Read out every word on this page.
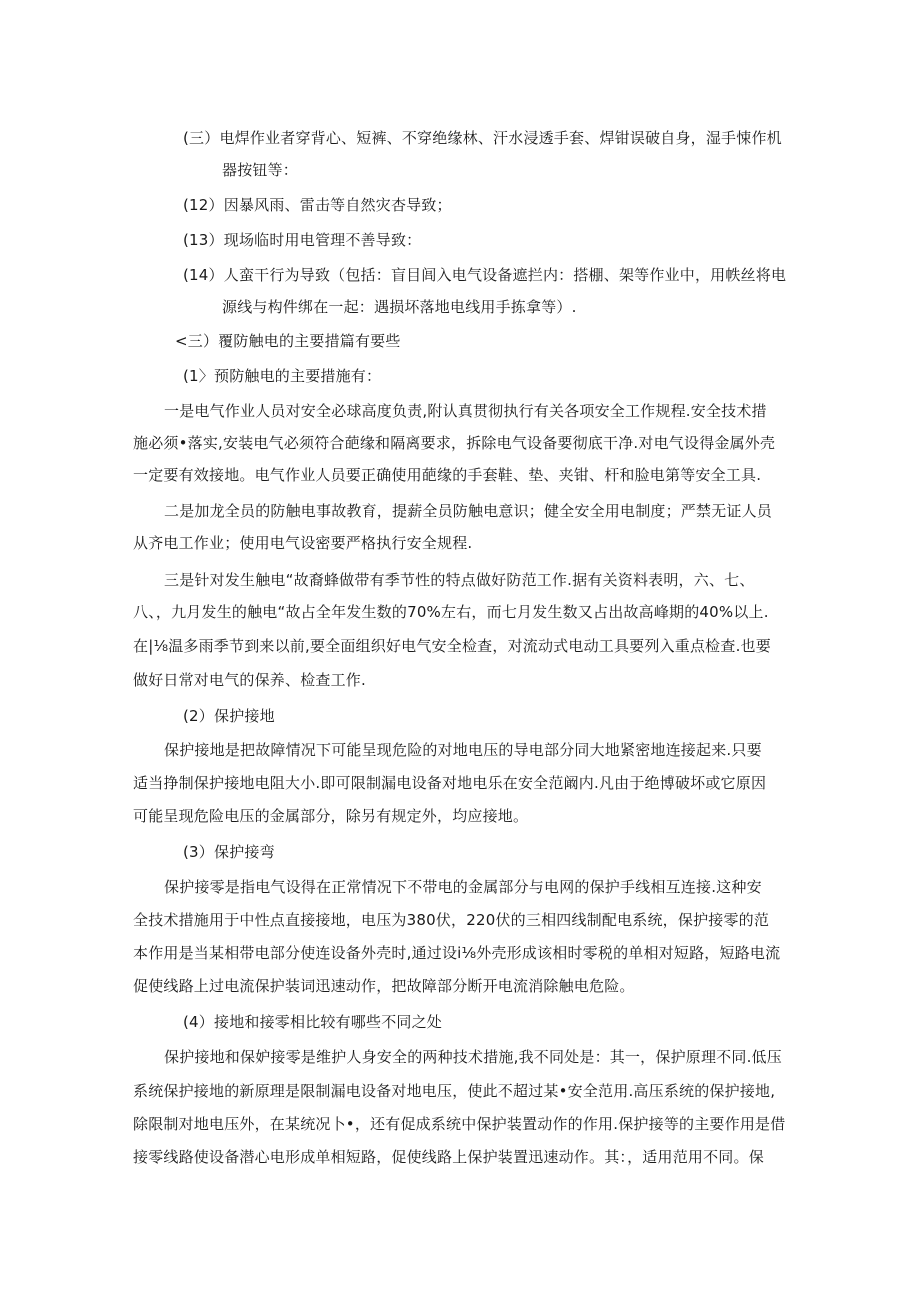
(三）电焊作业者穿背心、短裤、不穿绝缘林、汗水浸透手套、焊钳误破自身，湿手悚作机
器按钮等：
(12）因暴风雨、雷击等自然灾杏导致；
(13）现场临时用电管理不善导致：
(14）人蛮干行为导致（包括：盲目闾入电气设备遮拦内：搭棚、架等作业中，用帙丝将电
源线与构件绑在一起：遇损坏落地电线用手拣拿等）.
<三）覆防触电的主要措篇有要些
(1〉预防触电的主要措施有：
一是电气作业人员对安全必球高度负责,附认真贯彻执行有关各项安全工作规程.安全技术措
施必须•落实,安装电气必须符合葩缘和隔离要求，拆除电气设备要彻底干净.对电气设得金属外壳
一定要有效接地。电气作业人员要正确使用葩缘的手套鞋、垫、夹钳、杆和脸电第等安全工具.
二是加龙全员的防触电事故教育，提薪全员防触电意识；健全安全用电制度；严禁无证人员
从齐电工作业；使用电气设密要严格执行安全规程.
三是针对发生触电“故裔蜂做带有季节性的特点做好防范工作.据有关资料表明，六、七、
八、，九月发生的触电“故占全年发生数的70%左右，而七月发生数又占出故高峰期的40%以上.
在|⅛温多雨季节到来以前,要全面组织好电气安全检查，对流动式电动工具要列入重点检查.也要
做好日常对电气的保养、检查工作.
(2）保护接地
保护接地是把故障情况下可能呈现危险的对地电压的导电部分同大地紧密地连接起来.只要
适当挣制保护接地电阻大小.即可限制漏电设备对地电乐在安全范阚内.凡由于绝博破坏或它原因
可能呈现危险电压的金属部分，除另有规定外，均应接地。
(3）保护接弯
保护接零是指电气设得在正常情况下不带电的金属部分与电网的保护手线相互连接.这种安
全技术措施用于中性点直接接地，电压为380伏，220伏的三相四线制配电系统，保护接零的范
本作用是当某相带电部分使连设备外壳时,通过设i⅛外壳形成该相时零税的单相对短路，短路电流
促使线路上过电流保护装词迅速动作，把故障部分断开电流消除触电危险。
(4）接地和接零相比较有哪些不同之处
保护接地和保妒接零是维护人身安全的两种技术措施,我不同处是：其一，保护原理不同.低压
系统保护接地的新原理是限制漏电设备对地电压，使此不超过某•安全范用.高压系统的保护接地,
除限制对地电压外，在某统况卜•，还有促成系统中保护装置动作的作用.保护接等的主要作用是借
接零线路使设备潜心电形成单相短路，促使线路上保护装置迅速动作。其：，适用范用不同。保
